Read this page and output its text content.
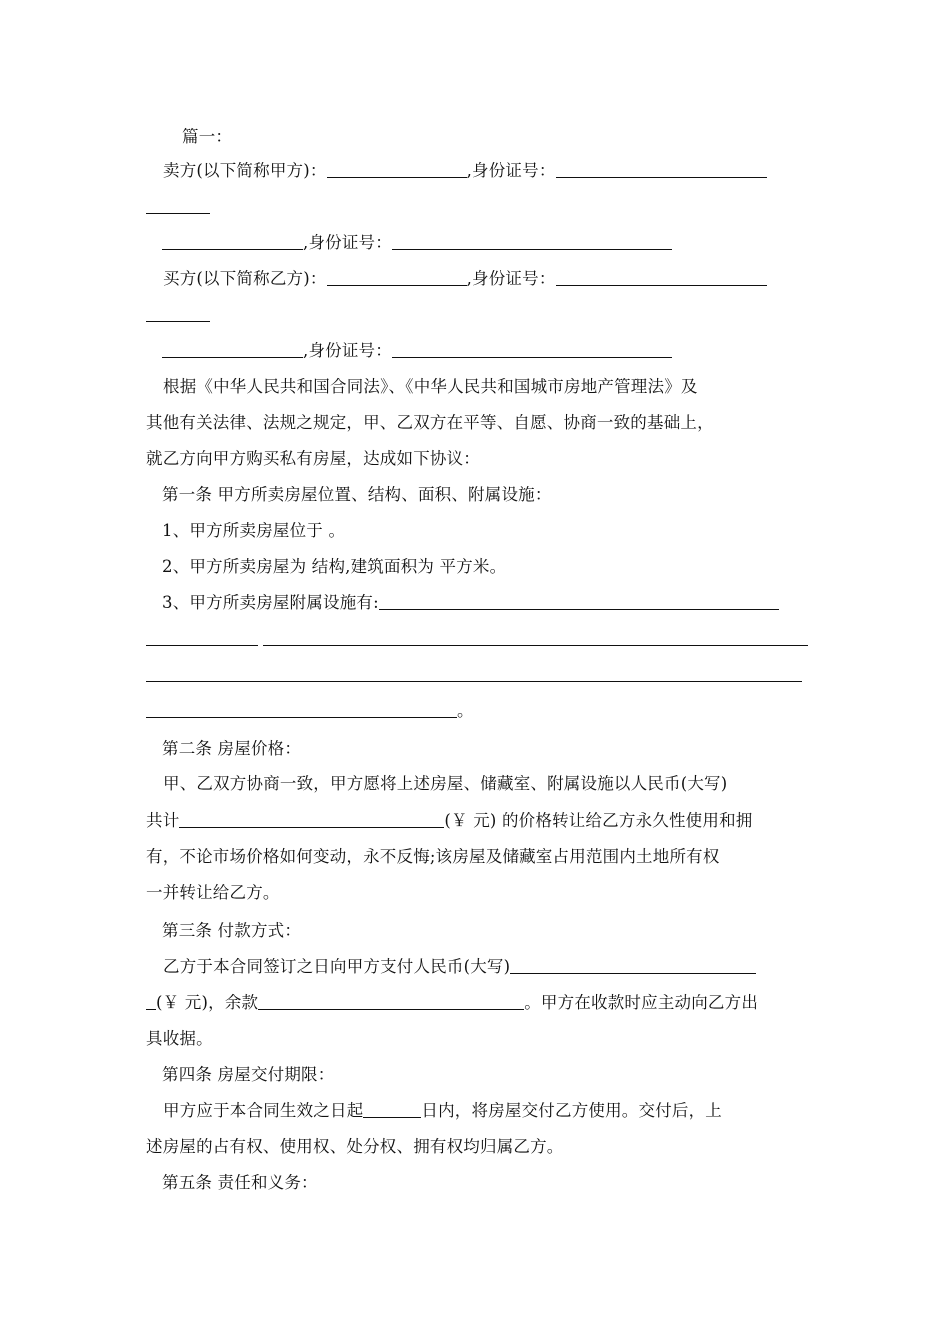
篇一：
卖方(以下简称甲方)：	,身份证号：
,身份证号：
买方(以下简称乙方)：	,身份证号：
,身份证号：
根据《中华人民共和国合同法》、《中华人民共和国城市房地产管理法》及
其他有关法律、法规之规定，甲、乙双方在平等、自愿、协商一致的基础上，
就乙方向甲方购买私有房屋，达成如下协议：
第一条 甲方所卖房屋位置、结构、面积、附属设施：
1、甲方所卖房屋位于 。
2、甲方所卖房屋为 结构,建筑面积为 平方米。
3、甲方所卖房屋附属设施有:
。
第二条 房屋价格：
甲、乙双方协商一致，甲方愿将上述房屋、储藏室、附属设施以人民币(大写)
共计	(￥ 元) 的价格转让给乙方永久性使用和拥
有，不论市场价格如何变动，永不反悔;该房屋及储藏室占用范围内土地所有权
一并转让给乙方。
第三条 付款方式：
乙方于本合同签订之日向甲方支付人民币(大写)
(￥ 元)，余款	。甲方在收款时应主动向乙方出
具收据。
第四条 房屋交付期限：
甲方应于本合同生效之日起	日内，将房屋交付乙方使用。交付后，上
述房屋的占有权、使用权、处分权、拥有权均归属乙方。
第五条 责任和义务：
